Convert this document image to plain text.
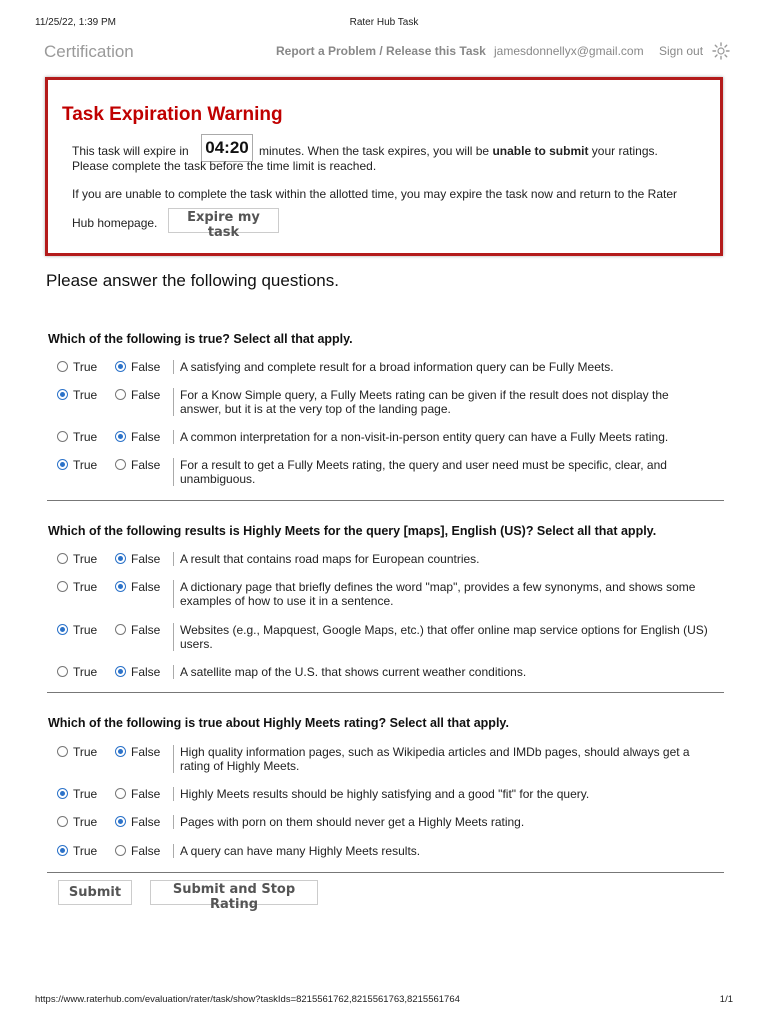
11/25/22, 1:39 PM	Rater Hub Task
Certification	Report a Problem / Release this Task jamesdonnellyx@gmail.com Sign out
Task Expiration Warning
This task will expire in 04:20 minutes. When the task expires, you will be unable to submit your ratings.
Please complete the task before the time limit is reached.
If you are unable to complete the task within the allotted time, you may expire the task now and return to the Rater
Hub homepage.	Expire my task
Please answer the following questions.
Which of the following is true? Select all that apply.
True	False	A satisfying and complete result for a broad information query can be Fully Meets.
True	False	For a Know Simple query, a Fully Meets rating can be given if the result does not display the answer, but it is at the very top of the landing page.
True	False	A common interpretation for a non-visit-in-person entity query can have a Fully Meets rating.
True	False	For a result to get a Fully Meets rating, the query and user need must be specific, clear, and unambiguous.
Which of the following results is Highly Meets for the query [maps], English (US)? Select all that apply.
True	False	A result that contains road maps for European countries.
True	False	A dictionary page that briefly defines the word "map", provides a few synonyms, and shows some examples of how to use it in a sentence.
True	False	Websites (e.g., Mapquest, Google Maps, etc.) that offer online map service options for English (US) users.
True	False	A satellite map of the U.S. that shows current weather conditions.
Which of the following is true about Highly Meets rating? Select all that apply.
True	False	High quality information pages, such as Wikipedia articles and IMDb pages, should always get a rating of Highly Meets.
True	False	Highly Meets results should be highly satisfying and a good "fit" for the query.
True	False	Pages with porn on them should never get a Highly Meets rating.
True	False	A query can have many Highly Meets results.
Submit	Submit and Stop Rating
https://www.raterhub.com/evaluation/rater/task/show?taskIds=8215561762,8215561763,8215561764	1/1
